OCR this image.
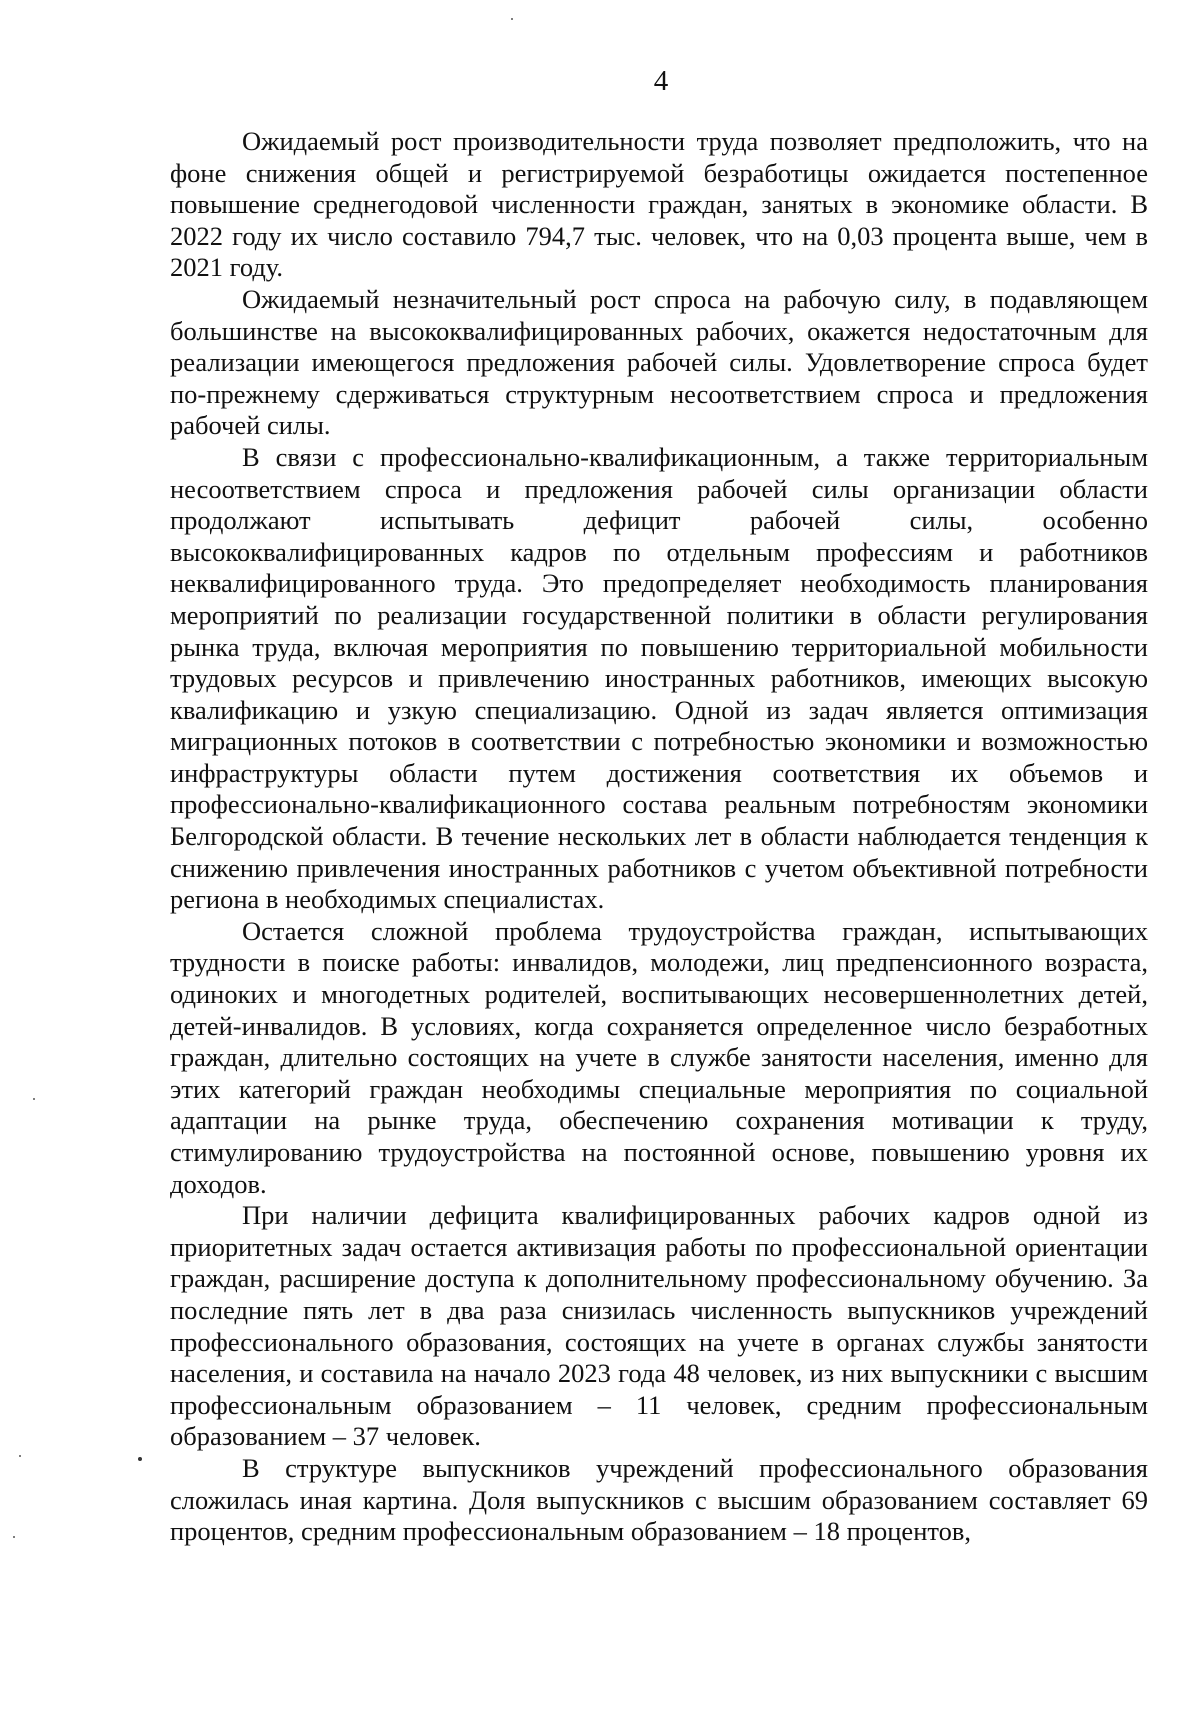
4

Ожидаемый рост производительности труда позволяет предположить, что на фоне снижения общей и регистрируемой безработицы ожидается постепенное повышение среднегодовой численности граждан, занятых в экономике области. В 2022 году их число составило 794,7 тыс. человек, что на 0,03 процента выше, чем в 2021 году.

Ожидаемый незначительный рост спроса на рабочую силу, в подавляющем большинстве на высококвалифицированных рабочих, окажется недостаточным для реализации имеющегося предложения рабочей силы. Удовлетворение спроса будет по-прежнему сдерживаться структурным несоответствием спроса и предложения рабочей силы.

В связи с профессионально-квалификационным, а также территориальным несоответствием спроса и предложения рабочей силы организации области продолжают испытывать дефицит рабочей силы, особенно высококвалифицированных кадров по отдельным профессиям и работников неквалифицированного труда. Это предопределяет необходимость планирования мероприятий по реализации государственной политики в области регулирования рынка труда, включая мероприятия по повышению территориальной мобильности трудовых ресурсов и привлечению иностранных работников, имеющих высокую квалификацию и узкую специализацию. Одной из задач является оптимизация миграционных потоков в соответствии с потребностью экономики и возможностью инфраструктуры области путем достижения соответствия их объемов и профессионально-квалификационного состава реальным потребностям экономики Белгородской области. В течение нескольких лет в области наблюдается тенденция к снижению привлечения иностранных работников с учетом объективной потребности региона в необходимых специалистах.

Остается сложной проблема трудоустройства граждан, испытывающих трудности в поиске работы: инвалидов, молодежи, лиц предпенсионного возраста, одиноких и многодетных родителей, воспитывающих несовершеннолетних детей, детей-инвалидов. В условиях, когда сохраняется определенное число безработных граждан, длительно состоящих на учете в службе занятости населения, именно для этих категорий граждан необходимы специальные мероприятия по социальной адаптации на рынке труда, обеспечению сохранения мотивации к труду, стимулированию трудоустройства на постоянной основе, повышению уровня их доходов.

При наличии дефицита квалифицированных рабочих кадров одной из приоритетных задач остается активизация работы по профессиональной ориентации граждан, расширение доступа к дополнительному профессиональному обучению. За последние пять лет в два раза снизилась численность выпускников учреждений профессионального образования, состоящих на учете в органах службы занятости населения, и составила на начало 2023 года 48 человек, из них выпускники с высшим профессиональным образованием – 11 человек, средним профессиональным образованием – 37 человек.

В структуре выпускников учреждений профессионального образования сложилась иная картина. Доля выпускников с высшим образованием составляет 69 процентов, средним профессиональным образованием – 18 процентов,
